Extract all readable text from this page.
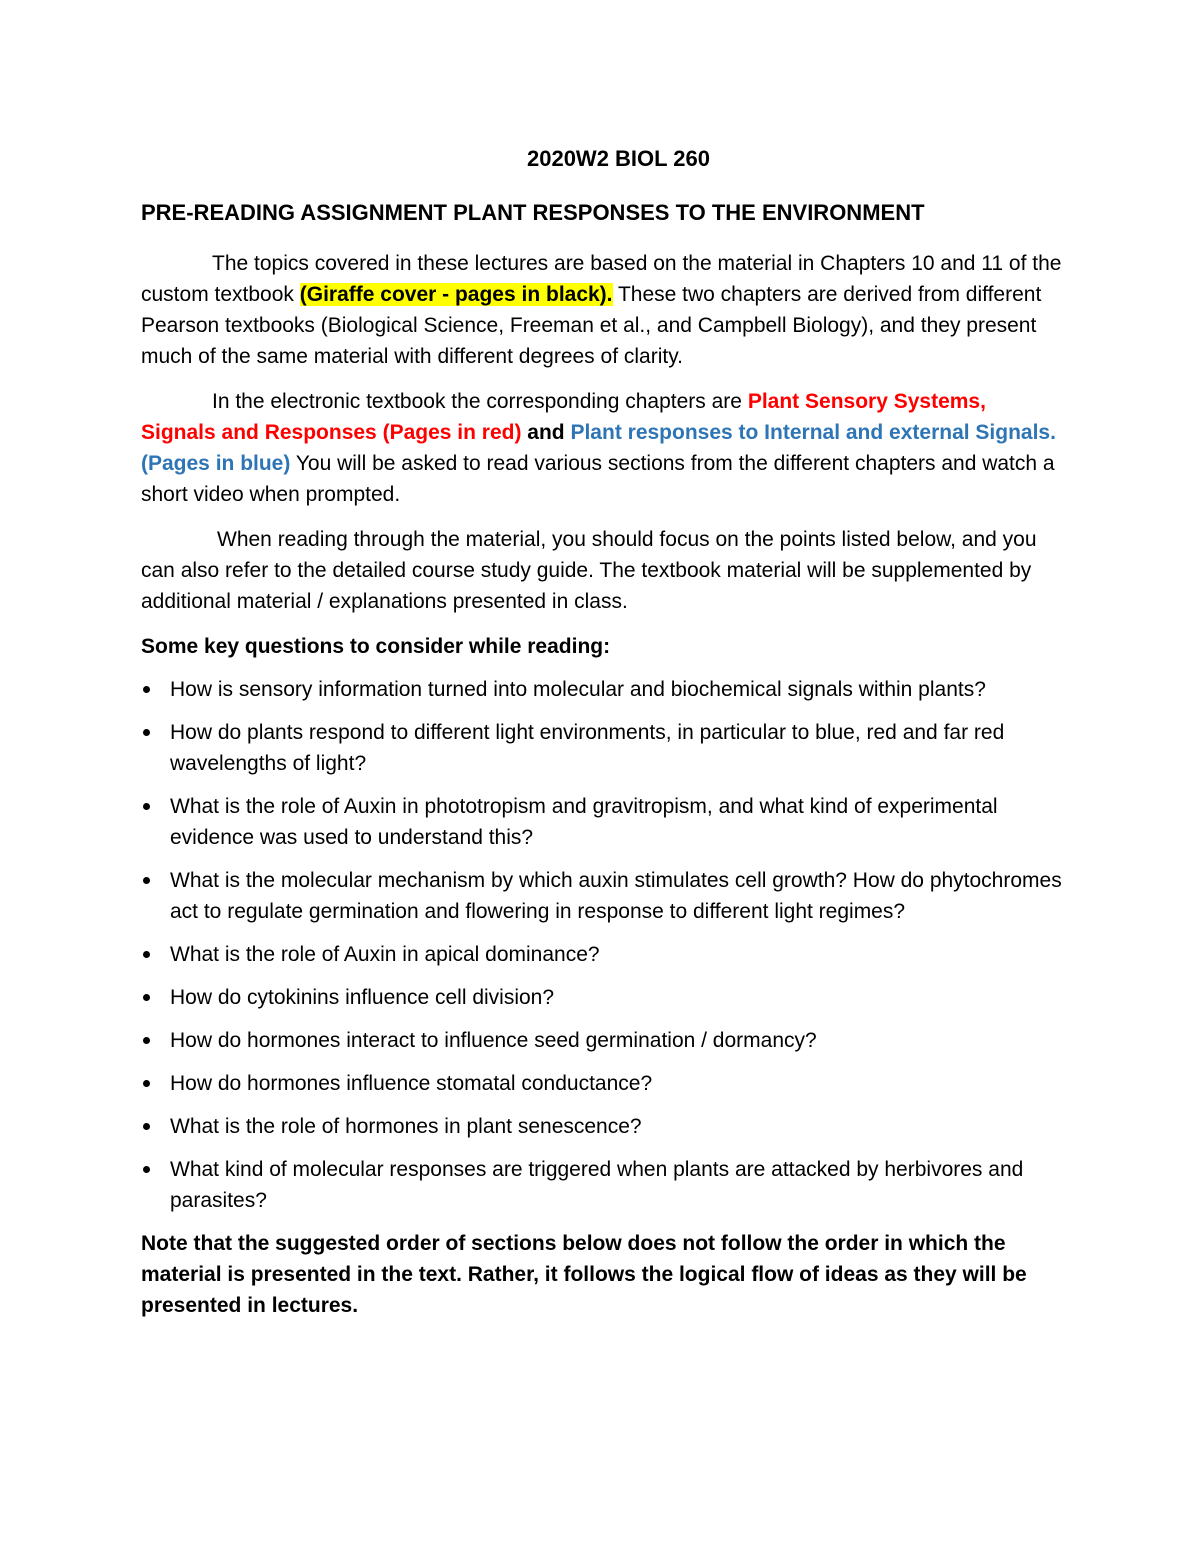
2020W2 BIOL 260
PRE-READING ASSIGNMENT PLANT RESPONSES TO THE ENVIRONMENT

The topics covered in these lectures are based on the material in Chapters 10 and 11 of the custom textbook (Giraffe cover - pages in black). These two chapters are derived from different Pearson textbooks (Biological Science, Freeman et al., and Campbell Biology), and they present much of the same material with different degrees of clarity.

In the electronic textbook the corresponding chapters are Plant Sensory Systems, Signals and Responses (Pages in red) and Plant responses to Internal and external Signals. (Pages in blue) You will be asked to read various sections from the different chapters and watch a short video when prompted.

When reading through the material, you should focus on the points listed below, and you can also refer to the detailed course study guide. The textbook material will be supplemented by additional material / explanations presented in class.

Some key questions to consider while reading:
How is sensory information turned into molecular and biochemical signals within plants?
How do plants respond to different light environments, in particular to blue, red and far red wavelengths of light?
What is the role of Auxin in phototropism and gravitropism, and what kind of experimental evidence was used to understand this?
What is the molecular mechanism by which auxin stimulates cell growth? How do phytochromes act to regulate germination and flowering in response to different light regimes?
What is the role of Auxin in apical dominance?
How do cytokinins influence cell division?
How do hormones interact to influence seed germination / dormancy?
How do hormones influence stomatal conductance?
What is the role of hormones in plant senescence?
What kind of molecular responses are triggered when plants are attacked by herbivores and parasites?

Note that the suggested order of sections below does not follow the order in which the material is presented in the text. Rather, it follows the logical flow of ideas as they will be presented in lectures.
